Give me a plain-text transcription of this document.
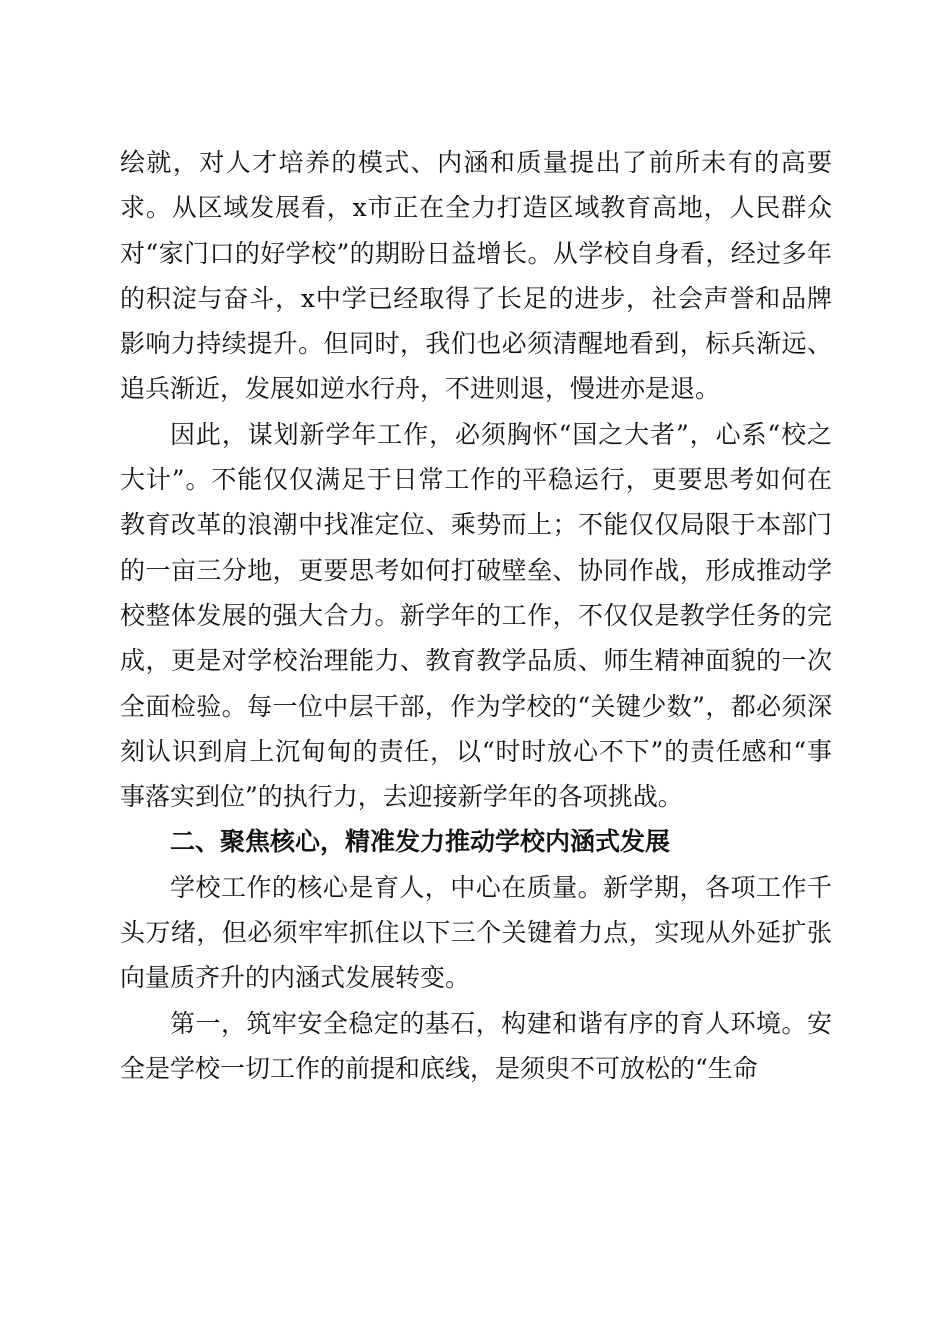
绘就，对人才培养的模式、内涵和质量提出了前所未有的高要求。从区域发展看，x市正在全力打造区域教育高地，人民群众对“家门口的好学校”的期盼日益增长。从学校自身看，经过多年的积淀与奋斗，x中学已经取得了长足的进步，社会声誉和品牌影响力持续提升。但同时，我们也必须清醒地看到，标兵渐远、追兵渐近，发展如逆水行舟，不进则退，慢进亦是退。

因此，谋划新学年工作，必须胸怀“国之大者”，心系“校之大计”。不能仅仅满足于日常工作的平稳运行，更要思考如何在教育改革的浪潮中找准定位、乘势而上；不能仅仅局限于本部门的一亩三分地，更要思考如何打破壁垒、协同作战，形成推动学校整体发展的强大合力。新学年的工作，不仅仅是教学任务的完成，更是对学校治理能力、教育教学品质、师生精神面貌的一次全面检验。每一位中层干部，作为学校的“关键少数”，都必须深刻认识到肩上沉甸甸的责任，以“时时放心不下”的责任感和“事事落实到位”的执行力，去迎接新学年的各项挑战。

二、聚焦核心，精准发力推动学校内涵式发展

学校工作的核心是育人，中心在质量。新学期，各项工作千头万绪，但必须牢牢抓住以下三个关键着力点，实现从外延扩张向量质齐升的内涵式发展转变。

第一，筑牢安全稳定的基石，构建和谐有序的育人环境。安全是学校一切工作的前提和底线，是须臾不可放松的“生命
